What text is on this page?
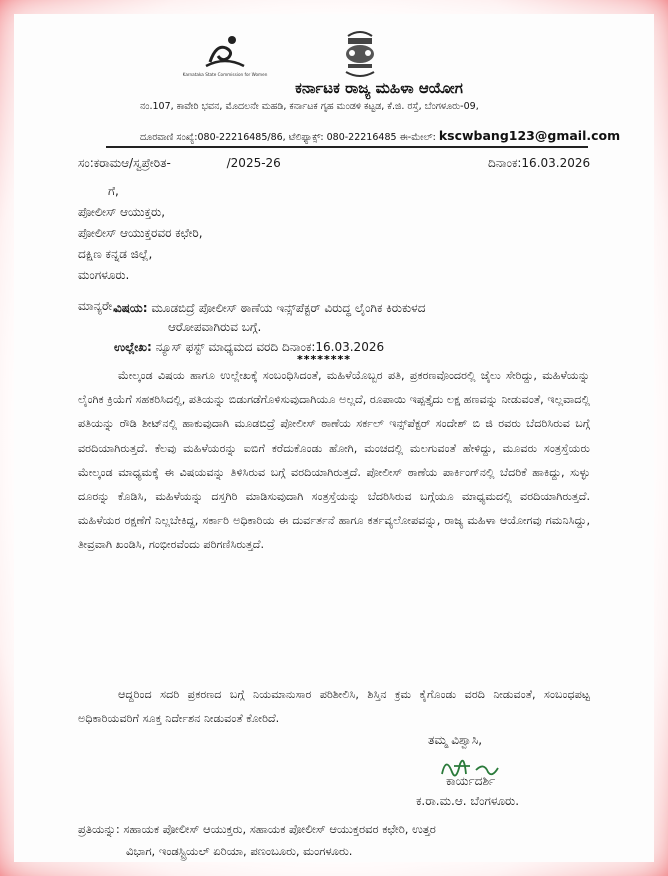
Karnataka State Commission for Women
ಕರ್ನಾಟಕ ರಾಜ್ಯ ಮಹಿಳಾ ಆಯೋಗ
ನಂ.107, ಕಾವೇರಿ ಭವನ, ಮೊದಲನೇ ಮಹಡಿ, ಕರ್ನಾಟಕ ಗೃಹ ಮಂಡಳಿ ಕಟ್ಟಡ, ಕೆ.ಜಿ. ರಸ್ತೆ, ಬೆಂಗಳೂರು-09,
ದೂರವಾಣಿ ಸಂಖ್ಯೆ:080-22216485/86, ಟೆಲಿಫ್ಯಾಕ್ಸ್: 080-22216485 ಈ-ಮೇಲ್: kscwbang123@gmail.com
ಸಂ:ಕರಾಮಆ/ಸ್ವಪ್ರೇರಿತ-	/2025-26	ದಿನಾಂಕ:16.03.2026
ಗೆ,
ಪೋಲೀಸ್ ಆಯುಕ್ತರು,
ಪೋಲೀಸ್ ಆಯುಕ್ತರವರ ಕಛೇರಿ,
ದಕ್ಷಿಣ ಕನ್ನಡ ಜಿಲ್ಲೆ,
ಮಂಗಳೂರು.
ಮಾನ್ಯರೇ,
ವಿಷಯ: ಮೂಡಬಿದ್ರೆ ಪೋಲೀಸ್ ಠಾಣೆಯ ಇನ್ಸ್‌ಪೆಕ್ಟರ್ ವಿರುದ್ಧ ಲೈಂಗಿಕ ಕಿರುಕುಳದ
ಆರೋಪವಾಗಿರುವ ಬಗ್ಗೆ.
ಉಲ್ಲೇಖ: ನ್ಯೂಸ್ ಫಸ್ಟ್ ಮಾಧ್ಯಮದ ವರದಿ ದಿನಾಂಕ:16.03.2026
********
ಮೇಲ್ಕಂಡ ವಿಷಯ ಹಾಗೂ ಉಲ್ಲೇಖಕ್ಕೆ ಸಂಬಂಧಿಸಿದಂತೆ, ಮಹಿಳೆಯೊಬ್ಬರ ಪತಿ, ಪ್ರಕರಣವೊಂದರಲ್ಲಿ ಜೈಲು ಸೇರಿದ್ದು, ಮಹಿಳೆಯನ್ನು ಲೈಂಗಿಕ ಕ್ರಿಯೆಗೆ ಸಹಕರಿಸಿದಲ್ಲಿ, ಪತಿಯನ್ನು ಬಿಡುಗಡೆಗೊಳಿಸುವುದಾಗಿಯೂ ಅಲ್ಲದೆ, ರೂಪಾಯಿ ಇಪ್ಪತ್ತೈದು ಲಕ್ಷ ಹಣವನ್ನು ನೀಡುವಂತೆ, ಇಲ್ಲವಾದಲ್ಲಿ ಪತಿಯನ್ನು ರೌಡಿ ಶೀಟ್‌ನಲ್ಲಿ ಹಾಕುವುದಾಗಿ ಮೂಡಬಿದ್ರೆ ಪೋಲೀಸ್ ಠಾಣೆಯ ಸರ್ಕಲ್ ಇನ್ಸ್‌ಪೆಕ್ಟರ್ ಸಂದೇಶ್ ಬಿ ಜಿ ರವರು ಬೆದರಿಸಿರುವ ಬಗ್ಗೆ ವರದಿಯಾಗಿರುತ್ತದೆ. ಕೆಲವು ಮಹಿಳೆಯರನ್ನು ಐಬಿಗೆ ಕರೆದುಕೊಂಡು ಹೋಗಿ, ಮಂಚದಲ್ಲಿ ಮಲಗುವಂತೆ ಹೇಳಿದ್ದು, ಮೂವರು ಸಂತ್ರಸ್ತೆಯರು ಮೇಲ್ಕಂಡ ಮಾಧ್ಯಮಕ್ಕೆ ಈ ವಿಷಯವನ್ನು ತಿಳಿಸಿರುವ ಬಗ್ಗೆ ವರದಿಯಾಗಿರುತ್ತದೆ. ಪೋಲೀಸ್ ಠಾಣೆಯ ಪಾರ್ಕಿಂಗ್‌ನಲ್ಲಿ ಬೆದರಿಕೆ ಹಾಕಿದ್ದು, ಸುಳ್ಳು ದೂರನ್ನು ಕೊಡಿಸಿ, ಮಹಿಳೆಯನ್ನು ದಸ್ತಗಿರಿ ಮಾಡಿಸುವುದಾಗಿ ಸಂತ್ರಸ್ತೆಯನ್ನು ಬೆದರಿಸಿರುವ ಬಗ್ಗೆಯೂ ಮಾಧ್ಯಮದಲ್ಲಿ ವರದಿಯಾಗಿರುತ್ತದೆ. ಮಹಿಳೆಯರ ರಕ್ಷಣೆಗೆ ನಿಲ್ಲಬೇಕಿದ್ದ, ಸರ್ಕಾರಿ ಅಧಿಕಾರಿಯ ಈ ದುರ್ವರ್ತನೆ ಹಾಗೂ ಕರ್ತವ್ಯಲೋಪವನ್ನು, ರಾಜ್ಯ ಮಹಿಳಾ ಆಯೋಗವು ಗಮನಿಸಿದ್ದು, ತೀವ್ರವಾಗಿ ಖಂಡಿಸಿ, ಗಂಭೀರವೆಂದು ಪರಿಗಣಿಸಿರುತ್ತದೆ.
ಆದ್ದರಿಂದ ಸದರಿ ಪ್ರಕರಣದ ಬಗ್ಗೆ ನಿಯಮಾನುಸಾರ ಪರಿಶೀಲಿಸಿ, ಶಿಸ್ತಿನ ಕ್ರಮ ಕೈಗೊಂಡು ವರದಿ ನೀಡುವಂತೆ, ಸಂಬಂಧಪಟ್ಟ ಅಧಿಕಾರಿಯವರಿಗೆ ಸೂಕ್ತ ನಿರ್ದೇಶನ ನೀಡುವಂತೆ ಕೋರಿದೆ.
ತಮ್ಮ ವಿಶ್ವಾಸಿ,
ಕಾರ್ಯದರ್ಶಿ
ಕ.ರಾ.ಮ.ಆ. ಬೆಂಗಳೂರು.
ಪ್ರತಿಯನ್ನು: ಸಹಾಯಕ ಪೋಲೀಸ್ ಆಯುಕ್ತರು, ಸಹಾಯಕ ಪೋಲೀಸ್ ಆಯುಕ್ತರವರ ಕಛೇರಿ, ಉತ್ತರ
ವಿಭಾಗ, ಇಂಡಸ್ಟ್ರಿಯಲ್ ಏರಿಯಾ, ಪಣಂಬೂರು, ಮಂಗಳೂರು.
